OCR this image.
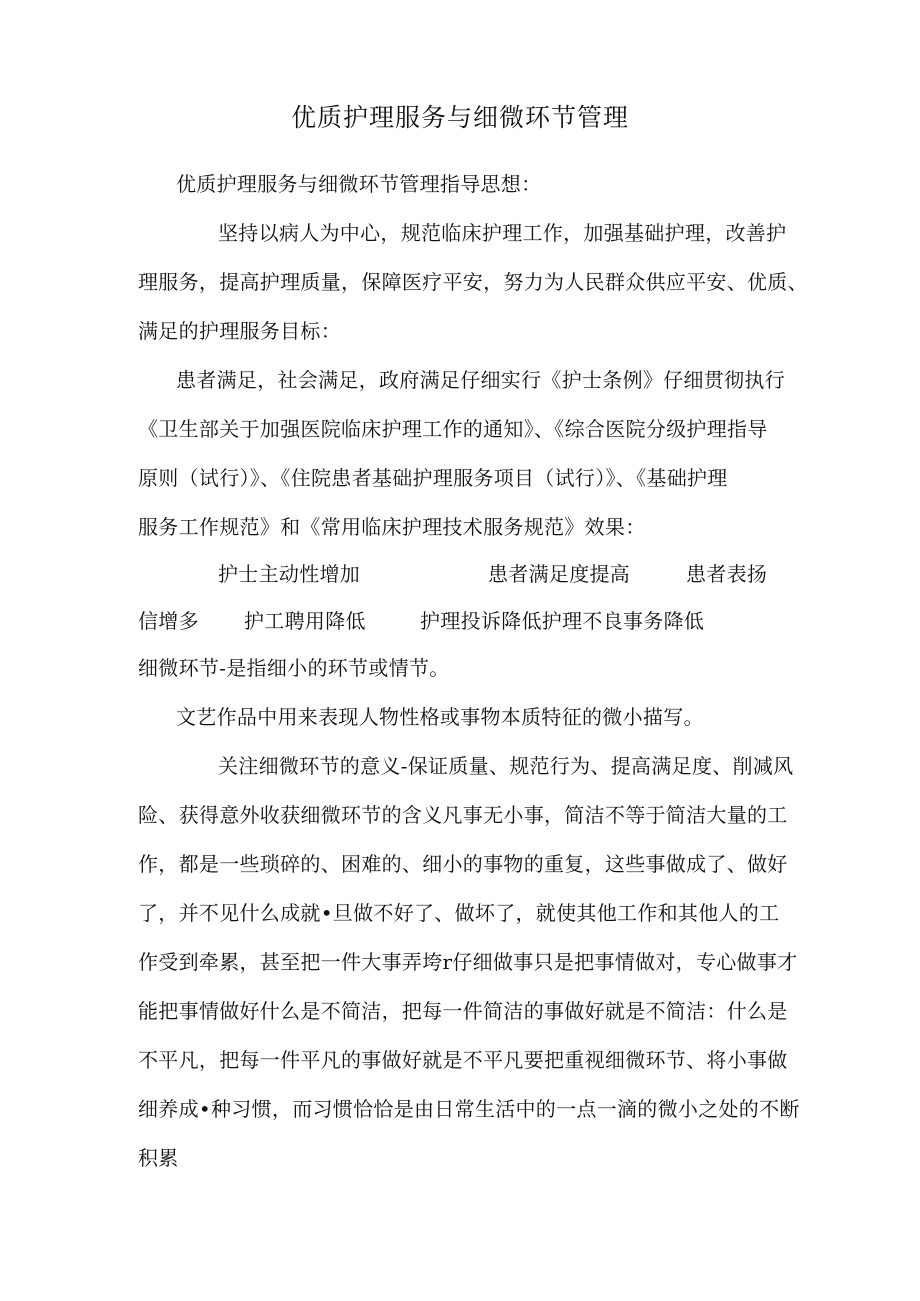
优质护理服务与细微环节管理
优质护理服务与细微环节管理指导思想：
坚持以病人为中心，规范临床护理工作，加强基础护理，改善护
理服务，提高护理质量，保障医疗平安，努力为人民群众供应平安、优质、
满足的护理服务目标：
患者满足，社会满足，政府满足仔细实行《护士条例》仔细贯彻执行
《卫生部关于加强医院临床护理工作的通知》、《综合医院分级护理指导
原则（试行）》、《住院患者基础护理服务项目（试行）》、《基础护理
服务工作规范》和《常用临床护理技术服务规范》效果：
护士主动性增加	患者满足度提高	患者表扬
信增多 护工聘用降低	护理投诉降低护理不良事务降低
细微环节-是指细小的环节或情节。
文艺作品中用来表现人物性格或事物本质特征的微小描写。
关注细微环节的意义-保证质量、规范行为、提高满足度、削减风
险、获得意外收获细微环节的含义凡事无小事，简洁不等于简洁大量的工
作，都是一些琐碎的、困难的、细小的事物的重复，这些事做成了、做好
了，并不见什么成就•旦做不好了、做坏了，就使其他工作和其他人的工
作受到牵累，甚至把一件大事弄垮r仔细做事只是把事情做对，专心做事才
能把事情做好什么是不简洁，把每一件简洁的事做好就是不简洁：什么是
不平凡，把每一件平凡的事做好就是不平凡要把重视细微环节、将小事做
细养成•种习惯，而习惯恰恰是由日常生活中的一点一滴的微小之处的不断
积累
